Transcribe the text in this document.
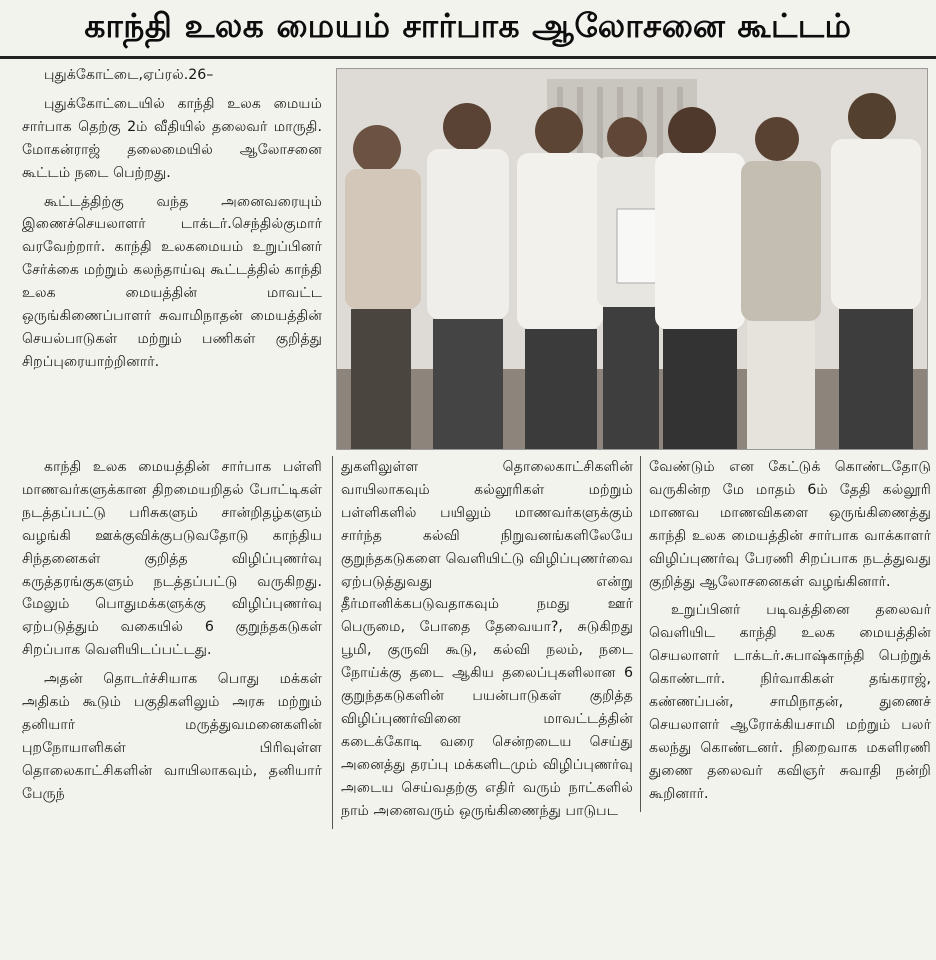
காந்தி உலக மையம் சார்பாக ஆலோசனை கூட்டம்

புதுக்கோட்டை,ஏப்ரல்.26–

புதுக்கோட்டையில் காந்தி உலக மையம் சார்பாக தெற்கு 2ம் வீதியில் தலைவர் மாருதி. மோகன்ராஜ் தலைமையில் ஆலோசனை கூட்டம் நடை பெற்றது.

கூட்டத்திற்கு வந்த அனைவரையும் இணைச்செயலாளர் டாக்டர்.செந்தில்குமார் வரவேற்றார். காந்தி உலகமையம் உறுப்பினர் சேர்க்கை மற்றும் கலந்தாய்வு கூட்டத்தில் காந்தி உலக மையத்தின் மாவட்ட ஒருங்கிணைப்பாளர் சுவாமிநாதன் மையத்தின் செயல்பாடுகள் மற்றும் பணிகள் குறித்து சிறப்புரையாற்றினார்.

காந்தி உலக மையத்தின் சார்பாக பள்ளி மாணவர்களுக்கான திறமையறிதல் போட்டிகள் நடத்தப்பட்டு பரிசுகளும் சான்றிதழ்களும் வழங்கி ஊக்குவிக்குபடுவதோடு காந்திய சிந்தனைகள் குறித்த விழிப்புணர்வு கருத்தரங்குகளும் நடத்தப்பட்டு வருகிறது. மேலும் பொதுமக்களுக்கு விழிப்புணர்வு ஏற்படுத்தும் வகையில் 6 குறுந்தகடுகள் சிறப்பாக வெளியிடப்பட்டது.

அதன் தொடர்ச்சியாக பொது மக்கள் அதிகம் கூடும் பகுதிகளிலும் அரசு மற்றும் தனியார் மருத்துவமனைகளின் புறநோயாளிகள் பிரிவுள்ள தொலைகாட்சிகளின் வாயிலாகவும், தனியார் பேருந்

துகளிலுள்ள தொலைகாட்சிகளின் வாயிலாகவும் கல்லூரிகள் மற்றும் பள்ளிகளில் பயிலும் மாணவர்களுக்கும் சார்ந்த கல்வி நிறுவனங்களிலேயே குறுந்தகடுகளை வெளியிட்டு விழிப்புணர்வை ஏற்படுத்துவது என்று தீர்மானிக்கபடுவதாகவும் நமது ஊர் பெருமை, போதை தேவையா?, சுடுகிறது பூமி, குருவி கூடு, கல்வி நலம், நடை நோய்க்கு தடை ஆகிய தலைப்புகளிலான 6 குறுந்தகடுகளின் பயன்பாடுகள் குறித்த விழிப்புணர்வினை மாவட்டத்தின் கடைக்கோடி வரை சென்றடைய செய்து அனைத்து தரப்பு மக்களிடமும் விழிப்புணர்வு அடைய செய்வதற்கு எதிர் வரும் நாட்களில் நாம் அனைவரும் ஒருங்கிணைந்து பாடுபட

வேண்டும் என கேட்டுக் கொண்டதோடு வருகின்ற மே மாதம் 6ம் தேதி கல்லூரி மாணவ மாணவிகளை ஒருங்கிணைத்து காந்தி உலக மையத்தின் சார்பாக வாக்காளர் விழிப்புணர்வு பேரணி சிறப்பாக நடத்துவது குறித்து ஆலோசனைகள் வழங்கினார்.

உறுப்பினர் படிவத்தினை தலைவர் வெளியிட காந்தி உலக மையத்தின் செயலாளர் டாக்டர்.சுபாஷ்காந்தி பெற்றுக் கொண்டார். நிர்வாகிகள் தங்கராஜ், கண்ணப்பன், சாமிநாதன், துணைச் செயலாளர் ஆரோக்கியசாமி மற்றும் பலர் கலந்து கொண்டனர். நிறைவாக மகளிரணி துணை தலைவர் கவிஞர் சுவாதி நன்றி கூறினார்.
